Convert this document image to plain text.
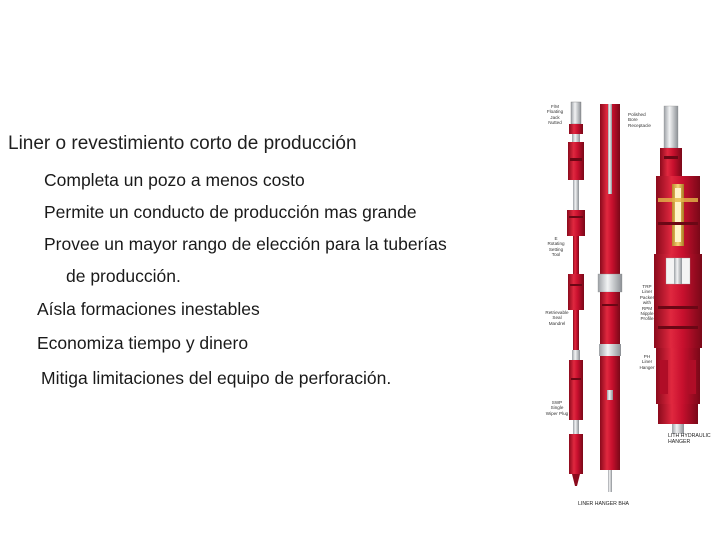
Liner o revestimiento corto de producción
Completa un pozo a menos costo
Permite un conducto de producción mas grande
Provee un mayor rango de elección para la tuberías
de producción.
Aísla formaciones inestables
Economiza tiempo y dinero
Mitiga limitaciones del equipo de perforación.
F/M
Floating
Jack
Nutted
E
Rotating
Setting
Tool
Retrievable
Seal
Mandrel
SWP
Single
Wiper Plug
Polished
Bore
Receptacle
TRP
Liner
Packer
with
RPM
Nipple
Profile
PH
Liner
Hanger
LITH HYDRAULIC
HANGER
LINER HANGER BHA
